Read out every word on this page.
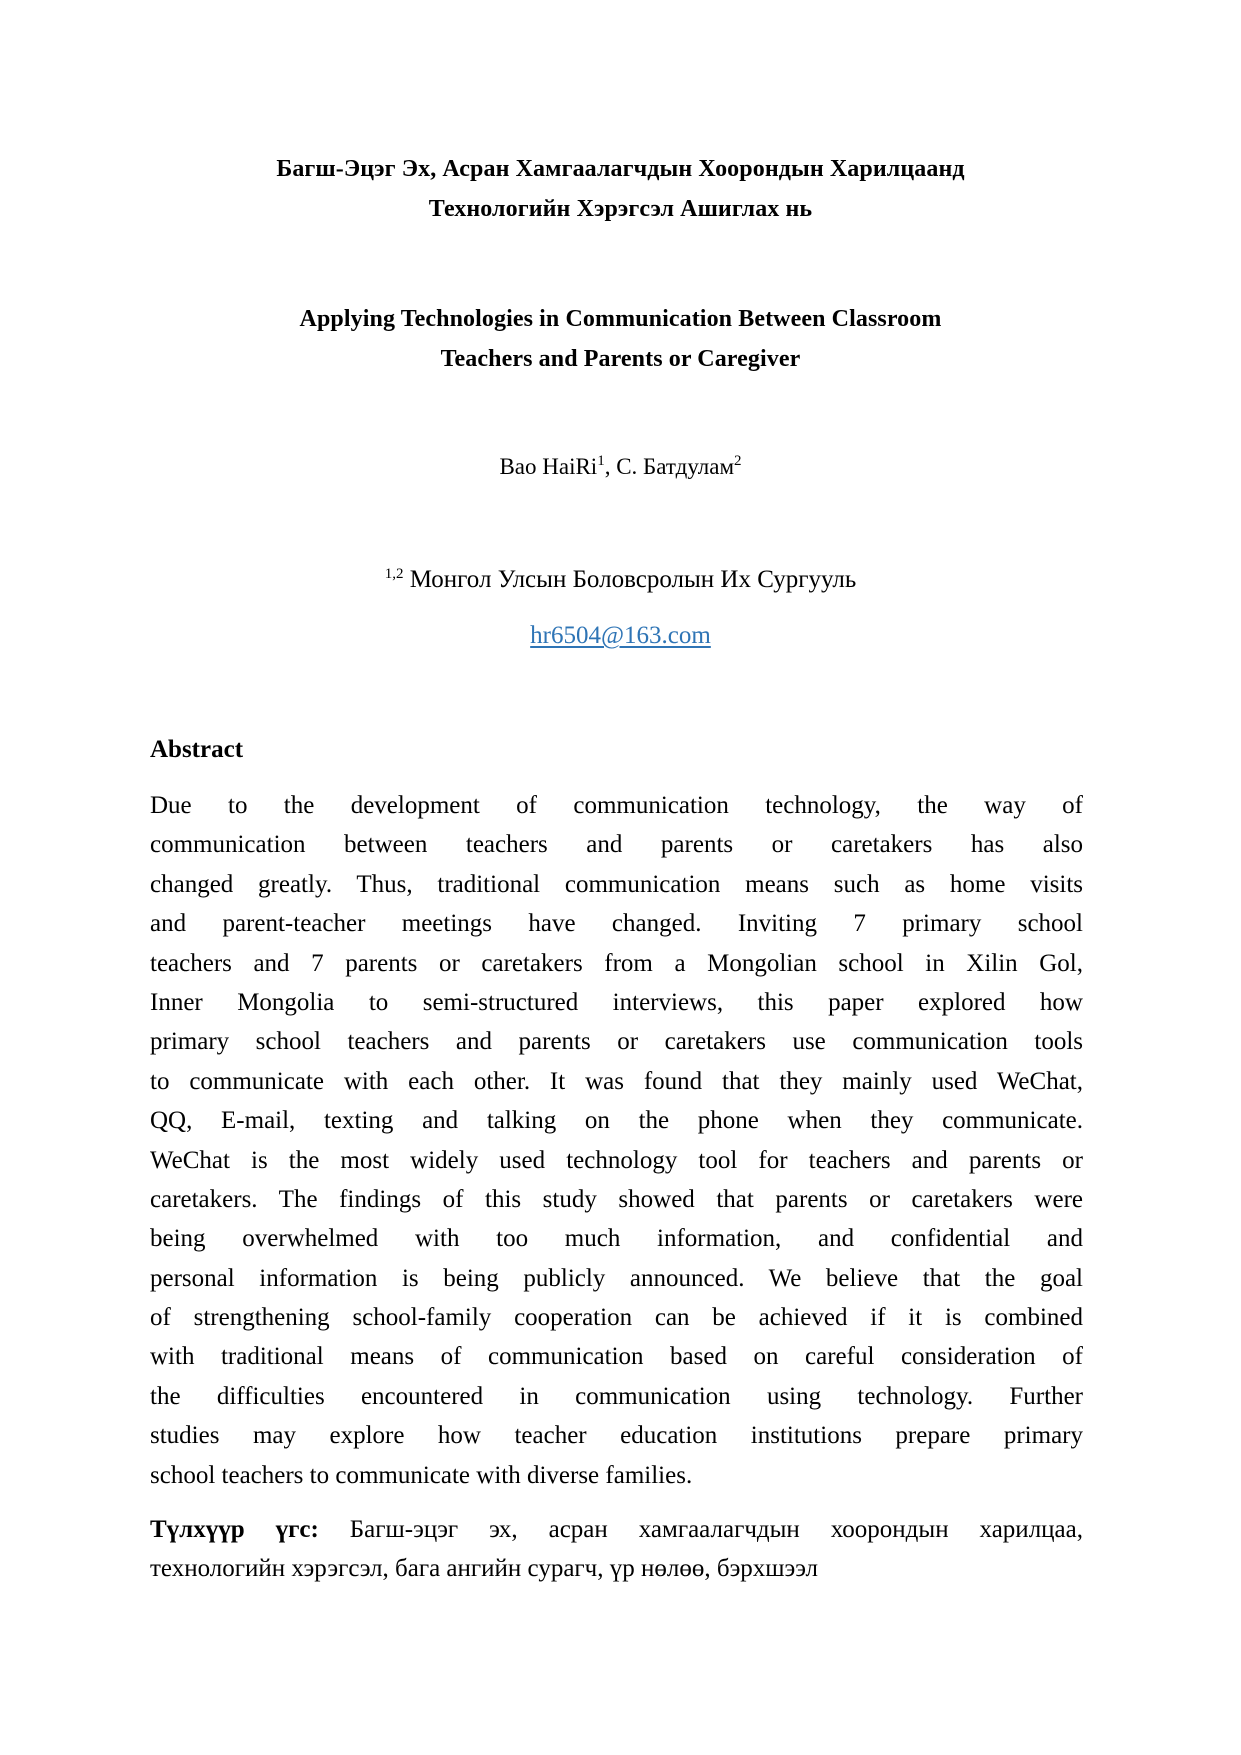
Багш-Эцэг Эх, Асран Хамгаалагчдын Хоорондын Харилцаанд
Технологийн Хэрэгсэл Ашиглах нь
Applying Technologies in Communication Between Classroom
Teachers and Parents or Caregiver
Bao HaiRi$^1$, С. Батдулам$^2$
$^{1,2}$ Монгол Улсын Боловсролын Их Сургууль
hr6504@163.com
Abstract
Due to the development of communication technology, the way of
communication between teachers and parents or caretakers has also
changed greatly. Thus, traditional communication means such as home visits
and parent-teacher meetings have changed. Inviting 7 primary school
teachers and 7 parents or caretakers from a Mongolian school in Xilin Gol,
Inner Mongolia to semi-structured interviews, this paper explored how
primary school teachers and parents or caretakers use communication tools
to communicate with each other. It was found that they mainly used WeChat,
QQ, E-mail, texting and talking on the phone when they communicate.
WeChat is the most widely used technology tool for teachers and parents or
caretakers. The findings of this study showed that parents or caretakers were
being overwhelmed with too much information, and confidential and
personal information is being publicly announced. We believe that the goal
of strengthening school-family cooperation can be achieved if it is combined
with traditional means of communication based on careful consideration of
the difficulties encountered in communication using technology. Further
studies may explore how teacher education institutions prepare primary
school teachers to communicate with diverse families.
Түлхүүр үгс: Багш-эцэг эх, асран хамгаалагчдын хоорондын харилцаа,
технологийн хэрэгсэл, бага ангийн сурагч, үр нөлөө, бэрхшээл
